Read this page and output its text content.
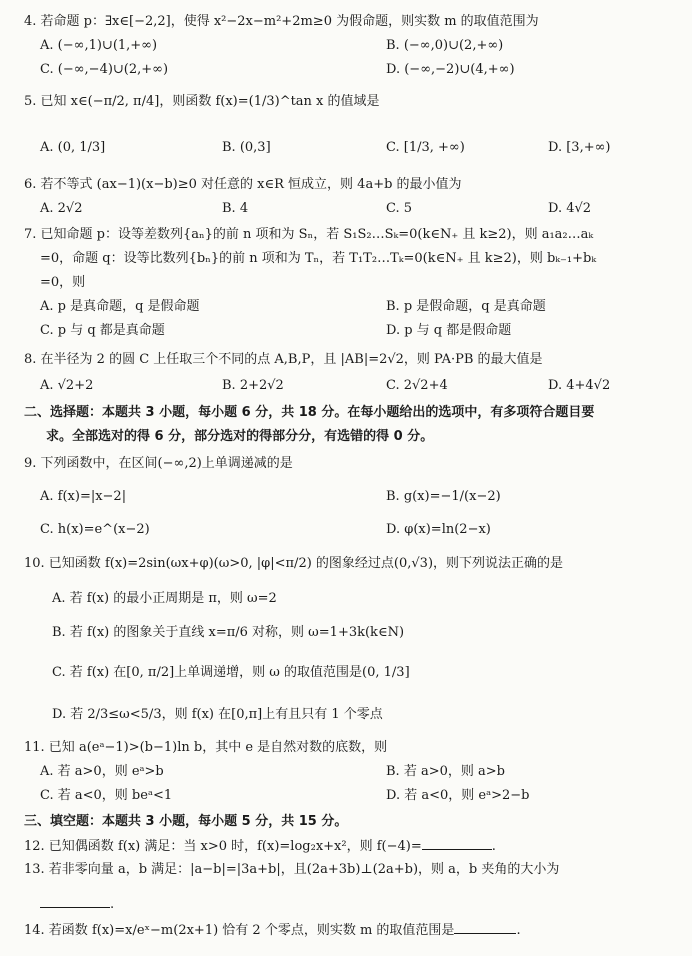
4. 若命题 p：∃x∈[−2,2]，使得 x²−2x−m²+2m≥0 为假命题，则实数 m 的取值范围为
A. (−∞,1)∪(1,+∞)	B. (−∞,0)∪(2,+∞)
C. (−∞,−4)∪(2,+∞)	D. (−∞,−2)∪(4,+∞)
5. 已知 x∈(−π/2, π/4]，则函数 f(x)=(1/3)^tan x 的值域是
A. (0, 1/3]	B. (0,3]	C. [1/3, +∞)	D. [3,+∞)
6. 若不等式 (ax−1)(x−b)≥0 对任意的 x∈R 恒成立，则 4a+b 的最小值为
A. 2√2	B. 4	C. 5	D. 4√2
7. 已知命题 p：设等差数列{aₙ}的前 n 项和为 Sₙ，若 S₁S₂…Sₖ=0(k∈N₊ 且 k≥2)，则 a₁a₂…aₖ
=0，命题 q：设等比数列{bₙ}的前 n 项和为 Tₙ，若 T₁T₂…Tₖ=0(k∈N₊ 且 k≥2)，则 bₖ₋₁+bₖ
=0，则
A. p 是真命题，q 是假命题	B. p 是假命题，q 是真命题
C. p 与 q 都是真命题	D. p 与 q 都是假命题
8. 在半径为 2 的圆 C 上任取三个不同的点 A,B,P，且 |AB|=2√2，则 PA·PB 的最大值是
A. √2+2	B. 2+2√2	C. 2√2+4	D. 4+4√2
二、选择题：本题共 3 小题，每小题 6 分，共 18 分。在每小题给出的选项中，有多项符合题目要
求。全部选对的得 6 分，部分选对的得部分分，有选错的得 0 分。
9. 下列函数中，在区间(−∞,2)上单调递减的是
A. f(x)=|x−2|	B. g(x)=−1/(x−2)
C. h(x)=e^(x−2)	D. φ(x)=ln(2−x)
10. 已知函数 f(x)=2sin(ωx+φ)(ω>0, |φ|<π/2) 的图象经过点(0,√3)，则下列说法正确的是
A. 若 f(x) 的最小正周期是 π，则 ω=2
B. 若 f(x) 的图象关于直线 x=π/6 对称，则 ω=1+3k(k∈N)
C. 若 f(x) 在[0, π/2]上单调递增，则 ω 的取值范围是(0, 1/3]
D. 若 2/3≤ω<5/3，则 f(x) 在[0,π]上有且只有 1 个零点
11. 已知 a(eᵃ−1)>(b−1)ln b，其中 e 是自然对数的底数，则
A. 若 a>0，则 eᵃ>b	B. 若 a>0，则 a>b
C. 若 a<0，则 beᵃ<1	D. 若 a<0，则 eᵃ>2−b
三、填空题：本题共 3 小题，每小题 5 分，共 15 分。
12. 已知偶函数 f(x) 满足：当 x>0 时，f(x)=log₂x+x²，则 f(−4)=	.
13. 若非零向量 a，b 满足：|a−b|=|3a+b|，且(2a+3b)⊥(2a+b)，则 a，b 夹角的大小为
.
14. 若函数 f(x)=x/eˣ−m(2x+1) 恰有 2 个零点，则实数 m 的取值范围是	.
